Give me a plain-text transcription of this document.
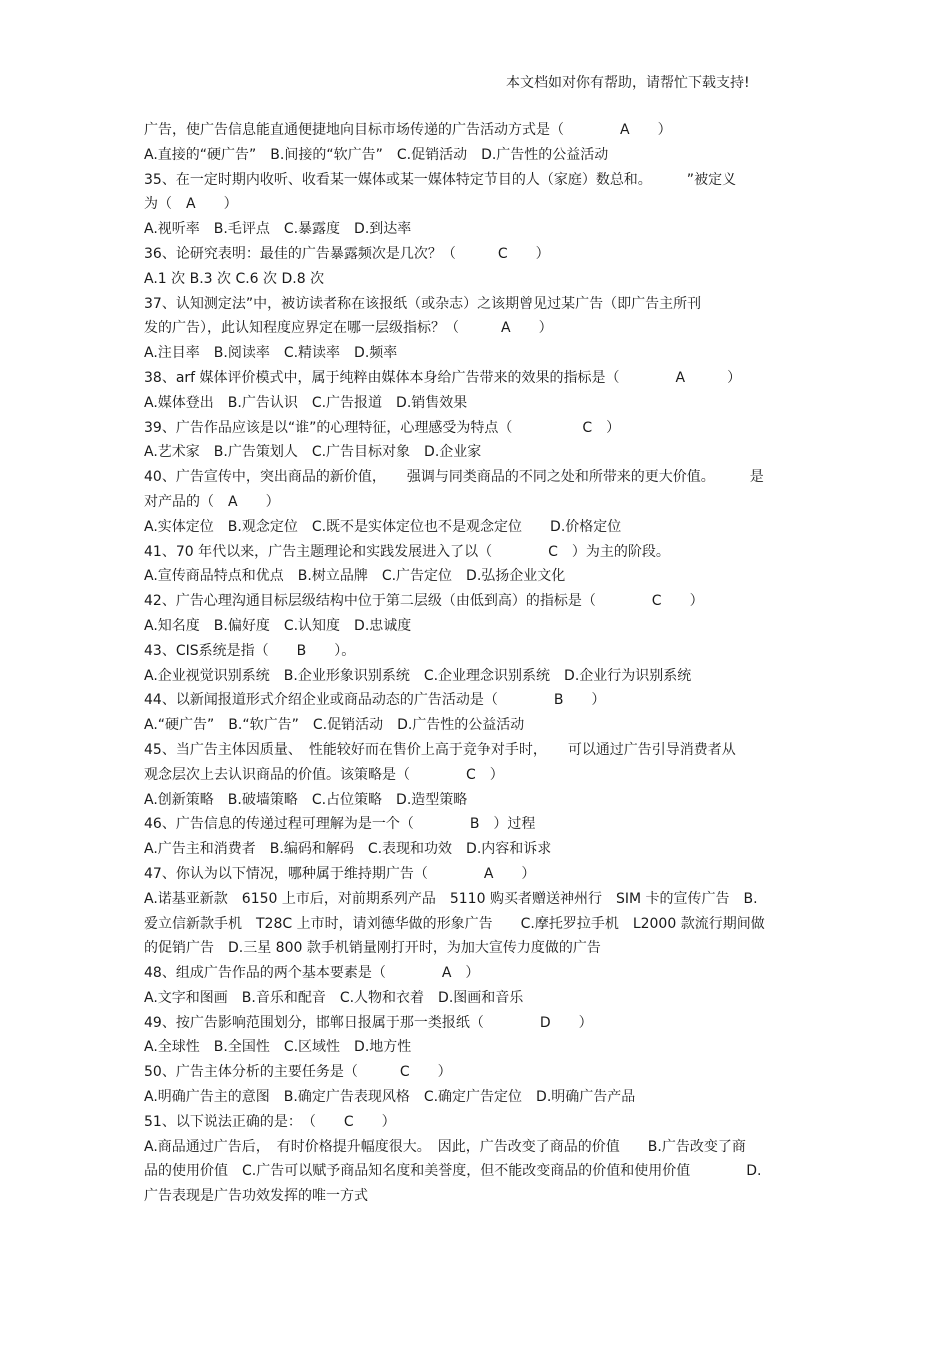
本文档如对你有帮助，请帮忙下载支持!
广告，使广告信息能直通便捷地向目标市场传递的广告活动方式是（　　　　A　　）
A.直接的“硬广告”　B.间接的“软广告”　C.促销活动　D.广告性的公益活动
35、在一定时期内收听、收看某一媒体或某一媒体特定节目的人（家庭）数总和。　　　”被定义
为（　A　　）
A.视听率　B.毛评点　C.暴露度　D.到达率
36、论研究表明：最佳的广告暴露频次是几次？（　　　C　　）
A.1 次 B.3 次 C.6 次 D.8 次
37、认知测定法”中，被访读者称在该报纸（或杂志）之该期曾见过某广告（即广告主所刊
发的广告），此认知程度应界定在哪一层级指标？（　　　A　　）
A.注目率　B.阅读率　C.精读率　D.频率
38、arf 媒体评价模式中，属于纯粹由媒体本身给广告带来的效果的指标是（　　　　A　　　）
A.媒体登出　B.广告认识　C.广告报道　D.销售效果
39、广告作品应该是以“谁”的心理特征，心理感受为特点（　　　　　C　）
A.艺术家　B.广告策划人　C.广告目标对象　D.企业家
40、广告宣传中，突出商品的新价值，　　强调与同类商品的不同之处和所带来的更大价值。　　　是
对产品的（　A　　）
A.实体定位　B.观念定位　C.既不是实体定位也不是观念定位　　D.价格定位
41、70 年代以来，广告主题理论和实践发展进入了以（　　　　C　）为主的阶段。
A.宣传商品特点和优点　B.树立品牌　C.广告定位　D.弘扬企业文化
42、广告心理沟通目标层级结构中位于第二层级（由低到高）的指标是（　　　　C　　）
A.知名度　B.偏好度　C.认知度　D.忠诚度
43、CIS系统是指（　　B　　）。
A.企业视觉识别系统　B.企业形象识别系统　C.企业理念识别系统　D.企业行为识别系统
44、以新闻报道形式介绍企业或商品动态的广告活动是（　　　　B　　）
A.“硬广告”　B.“软广告”　C.促销活动　D.广告性的公益活动
45、当广告主体因质量、　性能较好而在售价上高于竞争对手时，　　可以通过广告引导消费者从
观念层次上去认识商品的价值。该策略是（　　　　C　）
A.创新策略　B.破墙策略　C.占位策略　D.造型策略
46、广告信息的传递过程可理解为是一个（　　　　B　）过程
A.广告主和消费者　B.编码和解码　C.表现和功效　D.内容和诉求
47、你认为以下情况，哪种属于维持期广告（　　　　A　　）
A.诺基亚新款　6150 上市后，对前期系列产品　5110 购买者赠送神州行　SIM 卡的宣传广告　B.
爱立信新款手机　T28C 上市时，请刘德华做的形象广告　　C.摩托罗拉手机　L2000 款流行期间做
的促销广告　D.三星 800 款手机销量刚打开时，为加大宣传力度做的广告
48、组成广告作品的两个基本要素是（　　　　A　）
A.文字和图画　B.音乐和配音　C.人物和衣着　D.图画和音乐
49、按广告影响范围划分，邯郸日报属于那一类报纸（　　　　D　　）
A.全球性　B.全国性　C.区域性　D.地方性
50、广告主体分析的主要任务是（　　　C　　）
A.明确广告主的意图　B.确定广告表现风格　C.确定广告定位　D.明确广告产品
51、以下说法正确的是：　（　　C　　）
A.商品通过广告后，　有时价格提升幅度很大。　因此，广告改变了商品的价值　　B.广告改变了商
品的使用价值　C.广告可以赋予商品知名度和美誉度，但不能改变商品的价值和使用价值　　　　D.
广告表现是广告功效发挥的唯一方式
